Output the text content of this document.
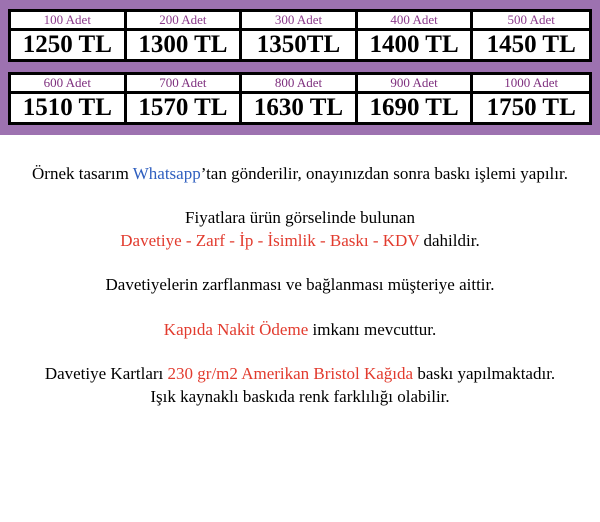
100 Adet	200 Adet	300 Adet	400 Adet	500 Adet
1250 TL	1300 TL	1350TL	1400 TL	1450 TL
600 Adet	700 Adet	800 Adet	900 Adet	1000 Adet
1510 TL	1570 TL	1630 TL	1690 TL	1750 TL
Örnek tasarım Whatsapp’tan gönderilir, onayınızdan sonra baskı işlemi yapılır.
Fiyatlara ürün görselinde bulunan
Davetiye - Zarf - İp - İsimlik - Baskı - KDV dahildir.
Davetiyelerin zarflanması ve bağlanması müşteriye aittir.
Kapıda Nakit Ödeme imkanı mevcuttur.
Davetiye Kartları 230 gr/m2 Amerikan Bristol Kağıda baskı yapılmaktadır.
Işık kaynaklı baskıda renk farklılığı olabilir.
